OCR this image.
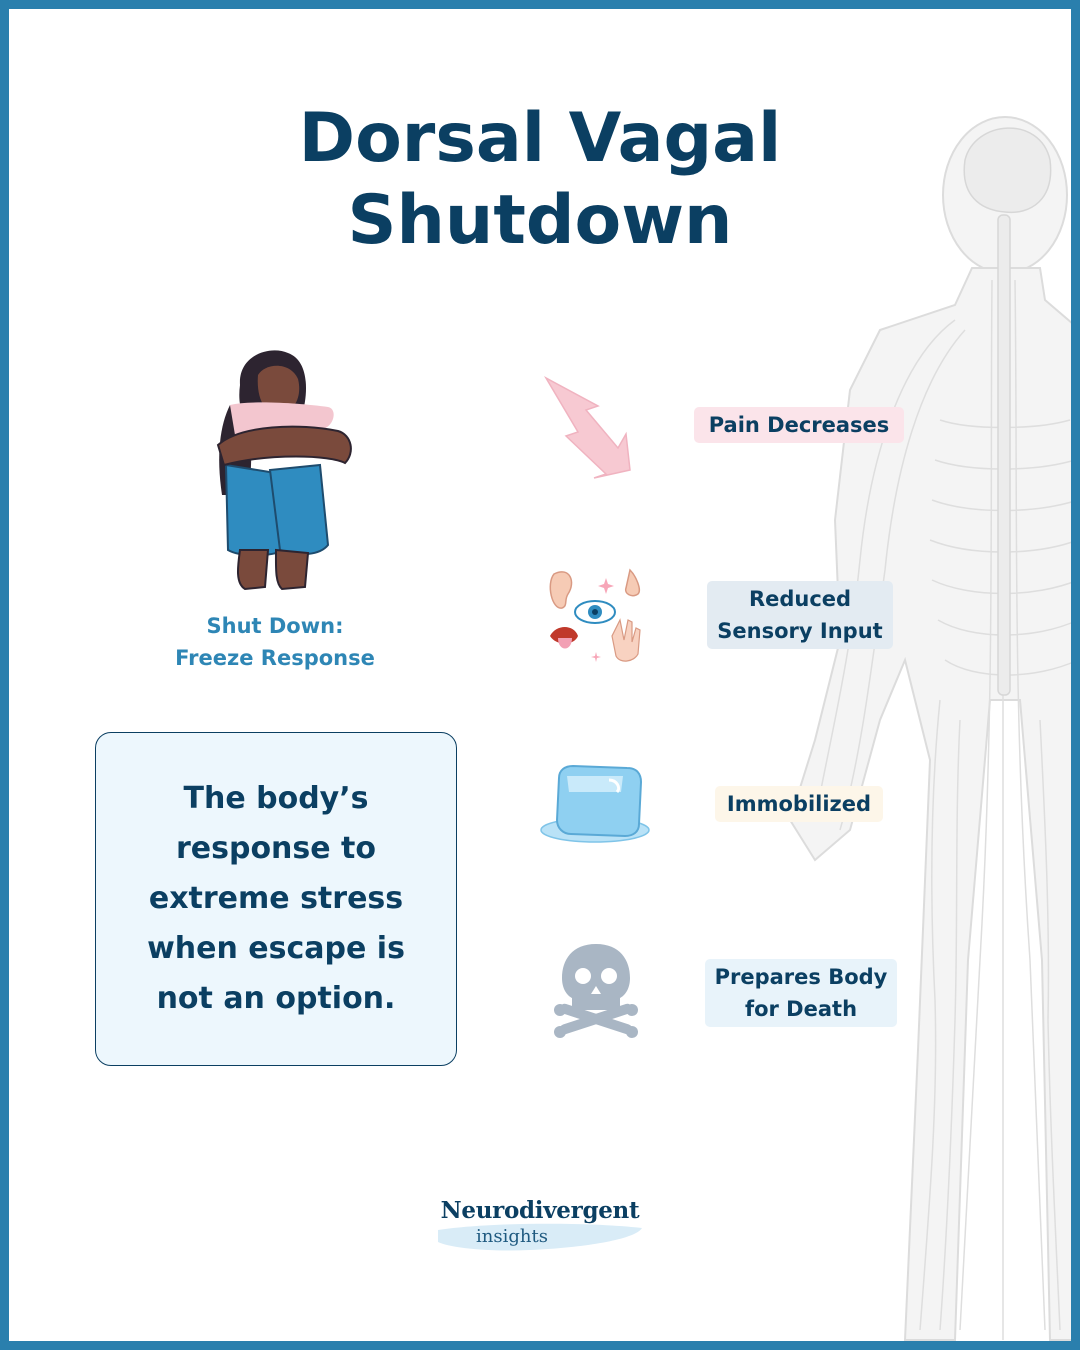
Dorsal Vagal
Shutdown
Shut Down:
Freeze Response

The body’s response to extreme stress when escape is not an option.

Pain Decreases
Reduced
Sensory Input
Immobilized
Prepares Body
for Death
Neurodivergent
insights
